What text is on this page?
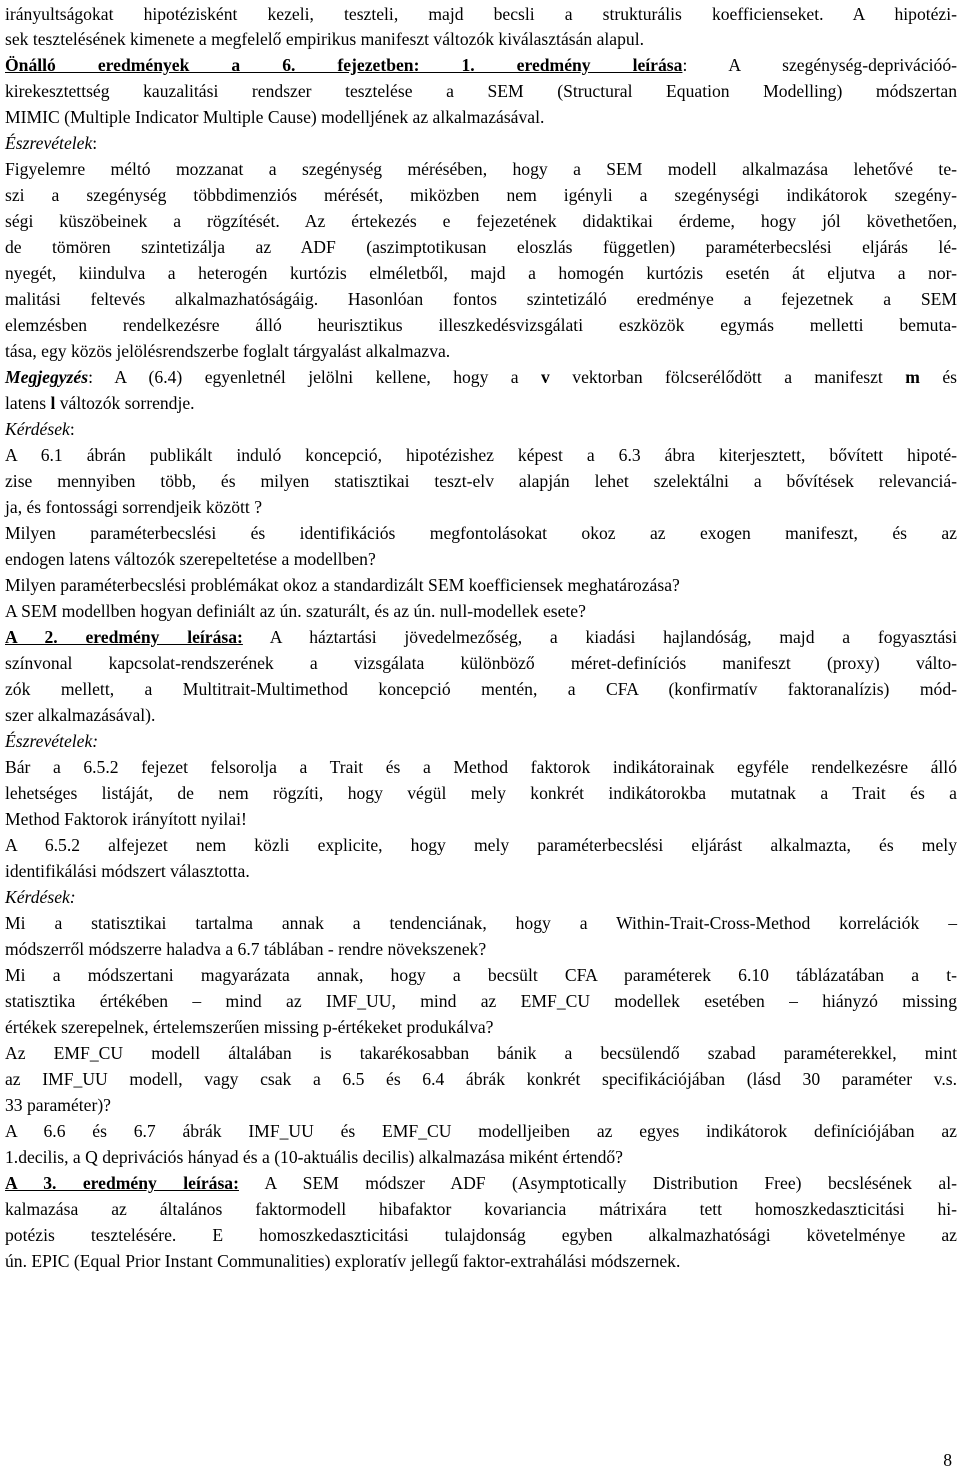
irányultságokat hipotézisként kezeli, teszteli, majd becsli a strukturális koefficienseket. A hipotézi-
sek tesztelésének kimenete a megfelelő empirikus manifeszt változók kiválasztásán alapul.
Önálló eredmények a 6. fejezetben: 1. eredmény leírása: A szegénység-deprivációó-
kirekesztettség kauzalitási rendszer tesztelése a SEM (Structural Equation Modelling) módszertan
MIMIC (Multiple Indicator Multiple Cause) modelljének az alkalmazásával.
Észrevételek:
Figyelemre méltó mozzanat a szegénység mérésében, hogy a SEM modell alkalmazása lehetővé te-
szi a szegénység többdimenziós mérését, miközben nem igényli a szegénységi indikátorok szegény-
ségi küszöbeinek a rögzítését. Az értekezés e fejezetének didaktikai érdeme, hogy jól követhetően,
de tömören szintetizálja az ADF (aszimptotikusan eloszlás független) paraméterbecslési eljárás lé-
nyegét, kiindulva a heterogén kurtózis elméletből, majd a homogén kurtózis esetén át eljutva a nor-
malitási feltevés alkalmazhatóságáig. Hasonlóan fontos szintetizáló eredménye a fejezetnek a SEM
elemzésben rendelkezésre álló heurisztikus illeszkedésvizsgálati eszközök egymás melletti bemuta-
tása, egy közös jelölésrendszerbe foglalt tárgyalást alkalmazva.
Megjegyzés: A (6.4) egyenletnél jelölni kellene, hogy a v vektorban fölcserélődött a manifeszt m és
latens l változók sorrendje.
Kérdések:
A 6.1 ábrán publikált induló koncepció, hipotézishez képest a 6.3 ábra kiterjesztett, bővített hipoté-
zise mennyiben több, és milyen statisztikai teszt-elv alapján lehet szelektálni a bővítések relevanciá-
ja, és fontossági sorrendjeik között ?
Milyen paraméterbecslési és identifikációs megfontolásokat okoz az exogen manifeszt, és az
endogen latens változók szerepeltetése a modellben?
Milyen paraméterbecslési problémákat okoz a standardizált SEM koefficiensek meghatározása?
A SEM modellben hogyan definiált az ún. szaturált, és az ún. null-modellek esete?
A 2. eredmény leírása: A háztartási jövedelmezőség, a kiadási hajlandóság, majd a fogyasztási
színvonal kapcsolat-rendszerének a vizsgálata különböző méret-definíciós manifeszt (proxy) válto-
zók mellett, a Multitrait-Multimethod koncepció mentén, a CFA (konfirmatív faktoranalízis) mód-
szer alkalmazásával).
Észrevételek:
Bár a 6.5.2 fejezet felsorolja a Trait és a Method faktorok indikátorainak egyféle rendelkezésre álló
lehetséges listáját, de nem rögzíti, hogy végül mely konkrét indikátorokba mutatnak a Trait és a
Method Faktorok irányított nyilai!
A 6.5.2 alfejezet nem közli explicite, hogy mely paraméterbecslési eljárást alkalmazta, és mely
identifikálási módszert választotta.
Kérdések:
Mi a statisztikai tartalma annak a tendenciának, hogy a Within-Trait-Cross-Method korrelációk –
módszerről módszerre haladva a 6.7 táblában - rendre növekszenek?
Mi a módszertani magyarázata annak, hogy a becsült CFA paraméterek 6.10 táblázatában a t-
statisztika értékében – mind az IMF_UU, mind az EMF_CU modellek esetében – hiányzó missing
értékek szerepelnek, értelemszerűen missing p-értékeket produkálva?
Az EMF_CU modell általában is takarékosabban bánik a becsülendő szabad paraméterekkel, mint
az IMF_UU modell, vagy csak a 6.5 és 6.4 ábrák konkrét specifikációjában (lásd 30 paraméter v.s.
33 paraméter)?
A 6.6 és 6.7 ábrák IMF_UU és EMF_CU modelljeiben az egyes indikátorok definíciójában az
1.decilis, a Q deprivációs hányad és a (10-aktuális decilis) alkalmazása miként értendő?
A 3. eredmény leírása: A SEM módszer ADF (Asymptotically Distribution Free) becslésének al-
kalmazása az általános faktormodell hibafaktor kovariancia mátrixára tett homoszkedaszticitási hi-
potézis tesztelésére. E homoszkedaszticitási tulajdonság egyben alkalmazhatósági követelménye az
ún. EPIC (Equal Prior Instant Communalities) exploratív jellegű faktor-extrahálási módszernek.
8
